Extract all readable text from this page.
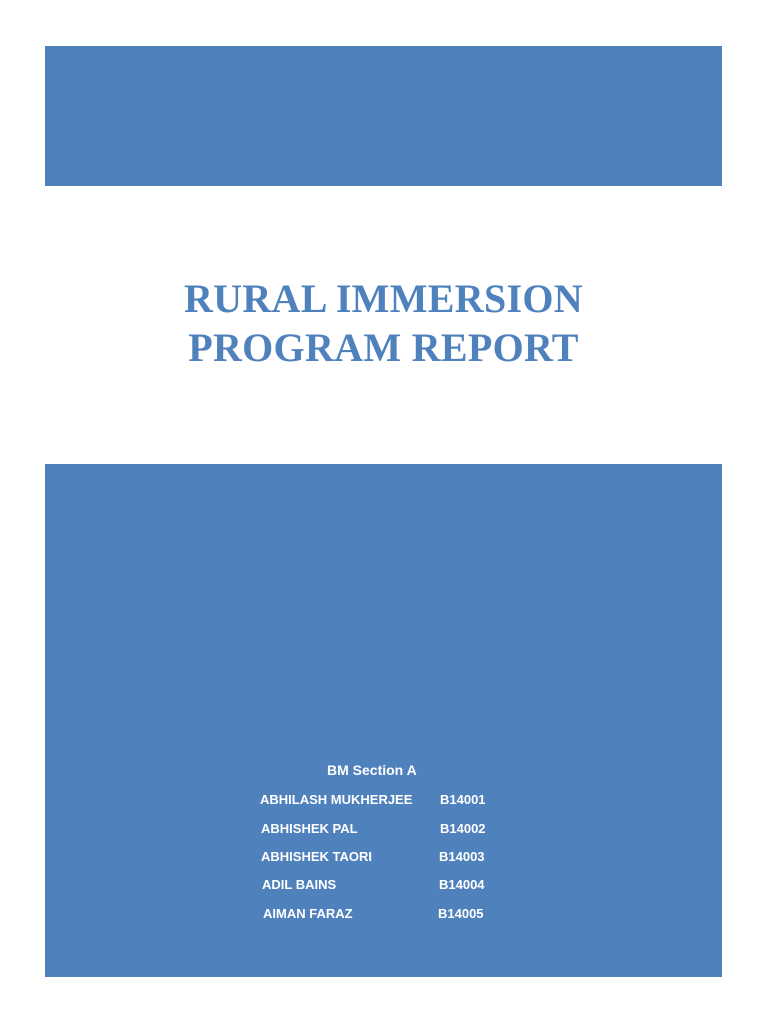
RURAL IMMERSION
PROGRAM REPORT
BM Section A
ABHILASH MUKHERJEE B14001
ABHISHEK PAL	B14002
ABHISHEK TAORI	B14003
ADIL BAINS	B14004
AIMAN FARAZ	B14005
